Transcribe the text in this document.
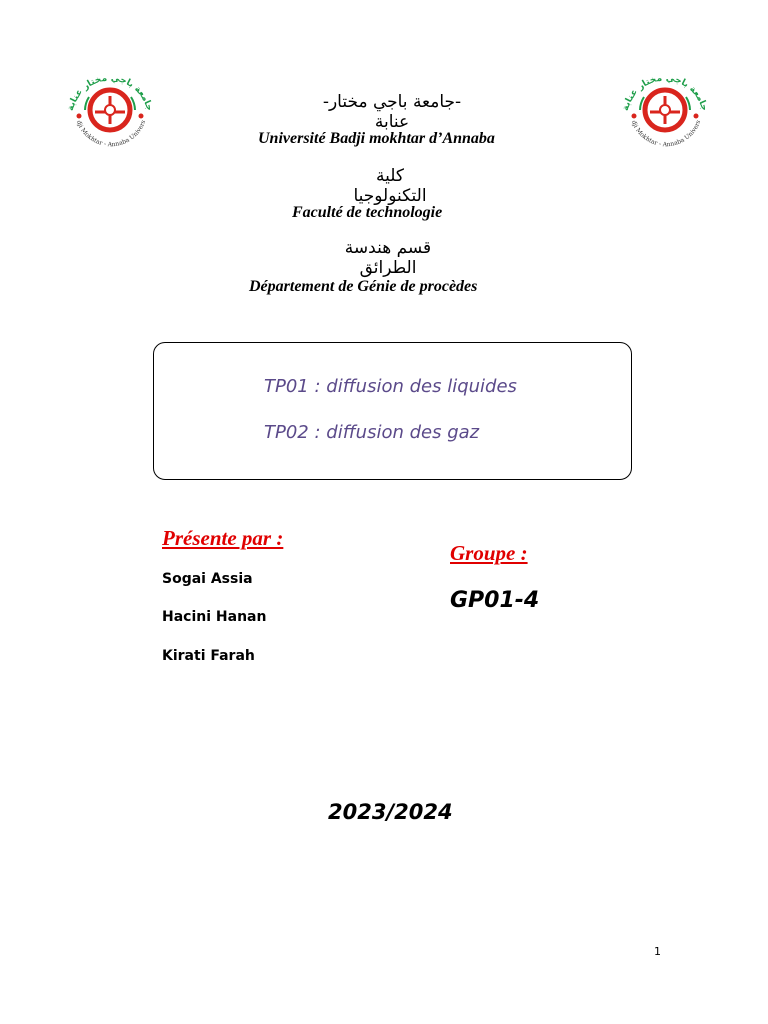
جامعة باجي مختار عنابة
dji Mokhtar - Annaba Univers
جامعة باجي مختار عنابة
dji Mokhtar - Annaba Univers
-جامعة باجي مختار-عنابة
Université Badji mokhtar d’Annaba
كلية التكنولوجيا
Faculté de technologie
قسم هندسة الطرائق
Département de Génie de procèdes
TP01 : diffusion des liquides
TP02 : diffusion des gaz
Présente par :
Sogai Assia
Hacini Hanan
Kirati Farah
Groupe :
GP01-4
2023/2024
1
